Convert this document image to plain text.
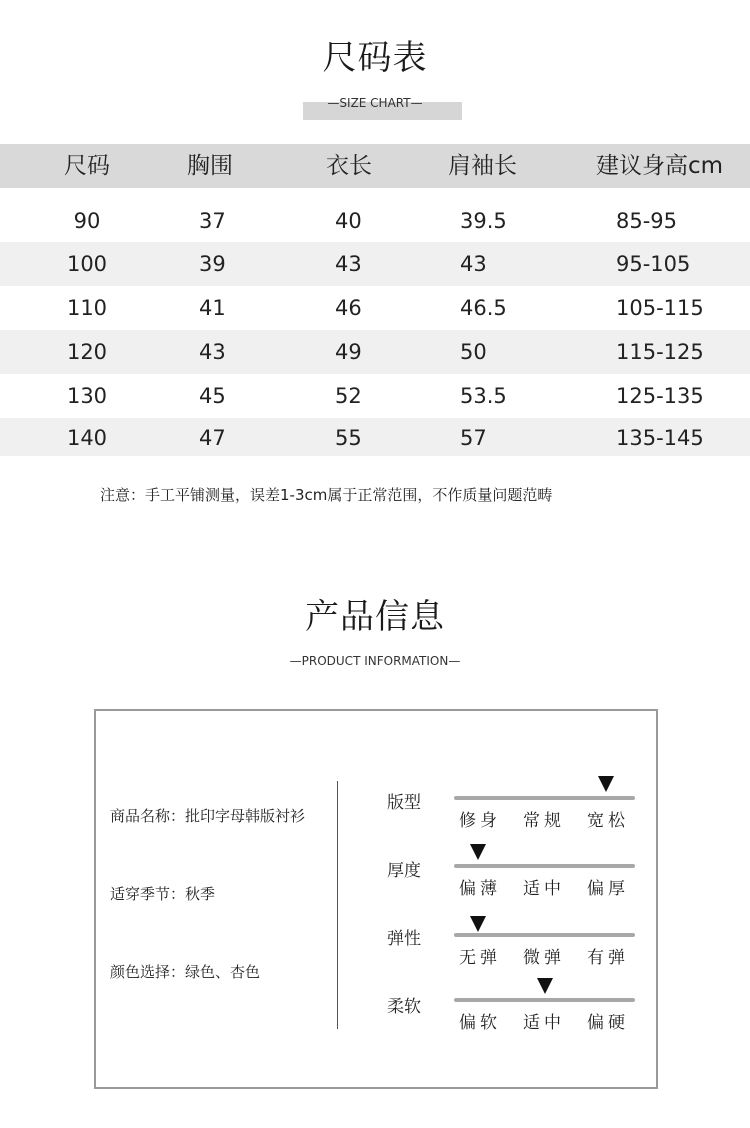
尺码表
—SIZE CHART—
尺码	胸围	衣长	肩袖长	建议身高cm
90	37	40	39.5	85-95
100	39	43	43	95-105
110	41	46	46.5	105-115
120	43	49	50	115-125
130	45	52	53.5	125-135
140	47	55	57	135-145
注意：手工平铺测量，误差1-3cm属于正常范围，不作质量问题范畴
产品信息
—PRODUCT INFORMATION—
商品名称：批印字母韩版衬衫
适穿季节：秋季
颜色选择：绿色、杏色
版型
修身 常规 宽松
厚度
偏薄 适中 偏厚
弹性
无弹 微弹 有弹
柔软
偏软 适中 偏硬
